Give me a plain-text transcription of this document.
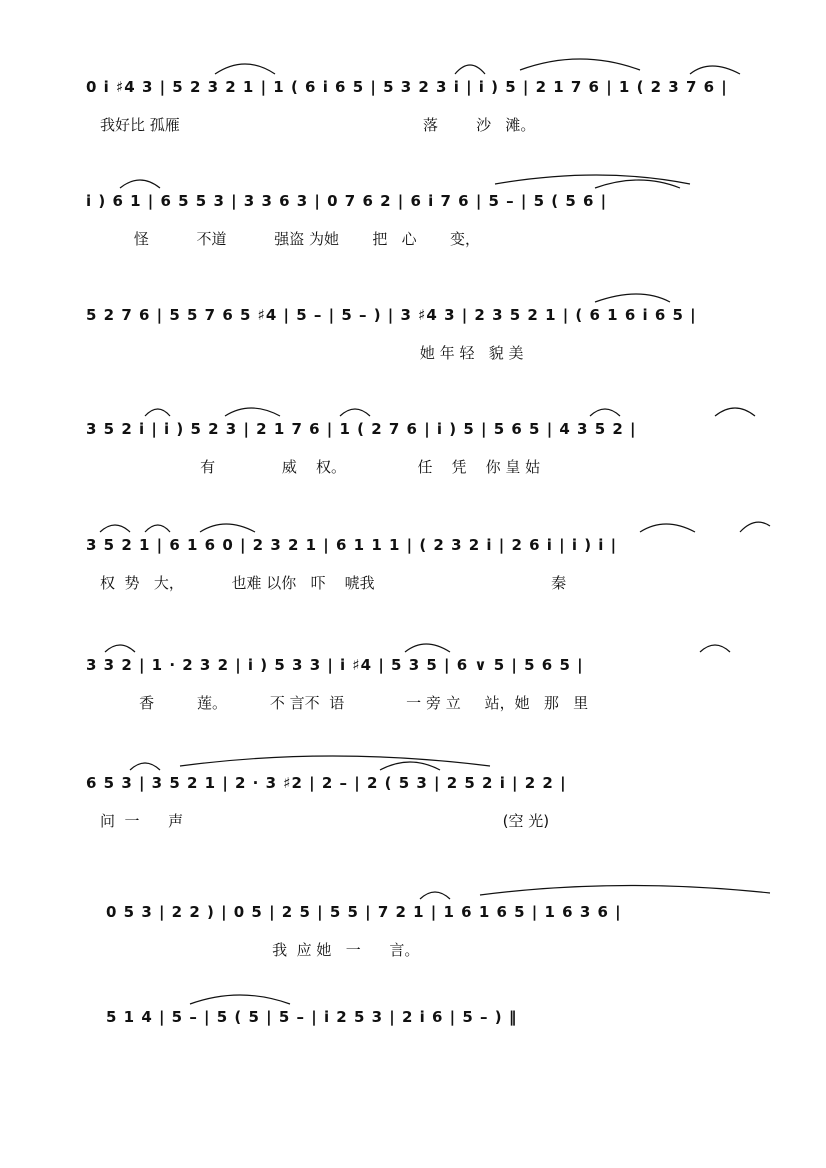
0 i ♯4 3 | 5 2 3 2 1 | 1 ( 6 i 6 5 | 5 3 2 3 i | i ) 5 | 2 1 7 6 | 1 ( 2 3 7 6 |
我好比 孤雁                                                   落        沙   滩。
i ) 6 1 | 6 5 5 3 | 3 3 6 3 | 0 7 6 2 | 6 i 7 6 | 5 – | 5 ( 5 6 |
怪          不道          强盗 为她       把   心       变，
5 2 7 6 | 5 5 7 6 5 ♯4 | 5 – | 5 – ) | 3 ♯4 3 | 2 3 5 2 1 | ( 6 1 6 i 6 5 |
她 年 轻   貌 美
3 5 2 i | i ) 5 2 3 | 2 1 7 6 | 1 ( 2 7 6 | i ) 5 | 5 6 5 | 4 3 5 2 |
有              威    权。               任    凭    你 皇 姑
3 5 2 1 | 6 1 6 0 | 2 3 2 1 | 6 1 1 1 | ( 2 3 2 i | 2 6 i | i ) i |
权  势   大，          也难 以你   吓    唬我                                     秦
3 3 2 | 1 · 2 3 2 | i ) 5 3 3 | i ♯4 | 5 3 5 | 6 ∨ 5 | 5 6 5 |
香         莲。         不 言不  语             一 旁 立     站，她   那   里
6 5 3 | 3 5 2 1 | 2 · 3 ♯2 | 2 – | 2 ( 5 3 | 2 5 2 i | 2 2 |
问  一      声                                                                   (空 光)
0 5 3 | 2 2 ) | 0 5 | 2 5 | 5 5 | 7 2 1 | 1 6 1 6 5 | 1 6 3 6 |
我  应 她   一      言。
5 1 4 | 5 – | 5 ( 5 | 5 – | i 2 5 3 | 2 i 6 | 5 – ) ‖
